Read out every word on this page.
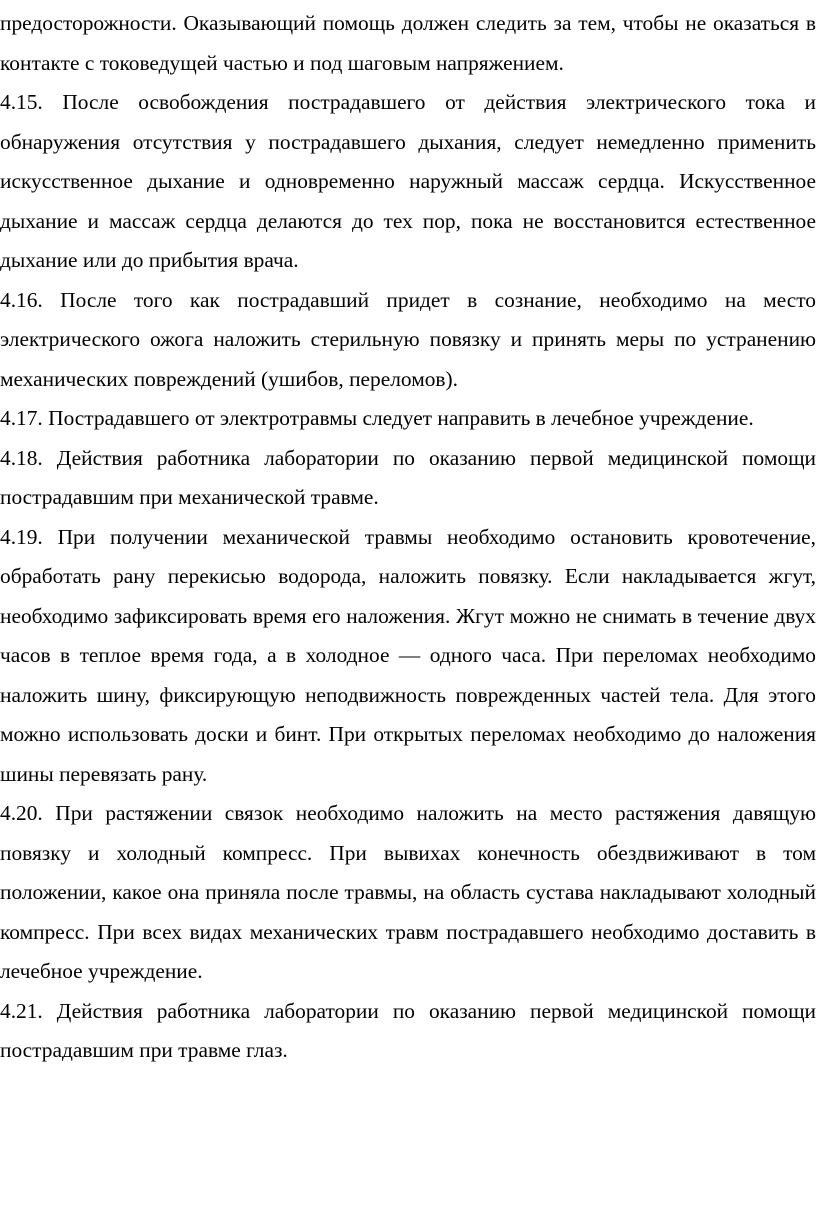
предосторожности. Оказывающий помощь должен следить за тем, чтобы не оказаться в контакте с токоведущей частью и под шаговым напряжением.

4.15. После освобождения пострадавшего от действия электрического тока и обнаружения отсутствия у пострадавшего дыхания, следует немедленно применить искусственное дыхание и одновременно наружный массаж сердца. Искусственное дыхание и массаж сердца делаются до тех пор, пока не восстановится естественное дыхание или до прибытия врача.

4.16. После того как пострадавший придет в сознание, необходимо на место электрического ожога наложить стерильную повязку и принять меры по устранению механических повреждений (ушибов, переломов).

4.17. Пострадавшего от электротравмы следует направить в лечебное учреждение.

4.18. Действия работника лаборатории по оказанию первой медицинской помощи пострадавшим при механической травме.

4.19. При получении механической травмы необходимо остановить кровотечение, обработать рану перекисью водорода, наложить повязку. Если накладывается жгут, необходимо зафиксировать время его наложения. Жгут можно не снимать в течение двух часов в теплое время года, а в холодное — одного часа. При переломах необходимо наложить шину, фиксирующую неподвижность поврежденных частей тела. Для этого можно использовать доски и бинт. При открытых переломах необходимо до наложения шины перевязать рану.

4.20. При растяжении связок необходимо наложить на место растяжения давящую повязку и холодный компресс. При вывихах конечность обездвиживают в том положении, какое она приняла после травмы, на область сустава накладывают холодный компресс. При всех видах механических травм пострадавшего необходимо доставить в лечебное учреждение.

4.21. Действия работника лаборатории по оказанию первой медицинской помощи пострадавшим при травме глаз.
